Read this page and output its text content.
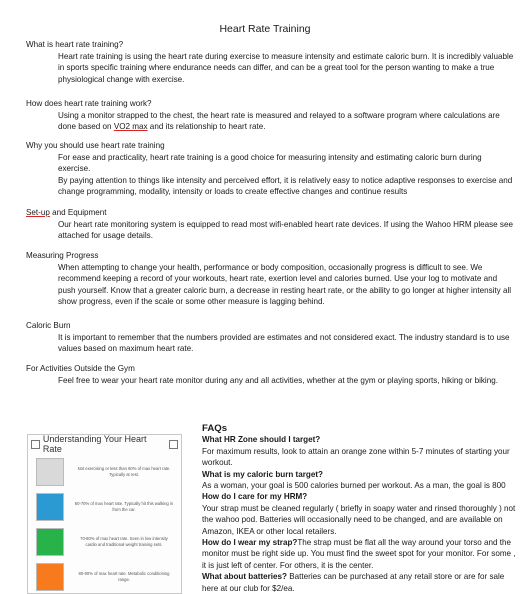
Heart Rate Training

What is heart rate training?

Heart rate training is using the heart rate during exercise to measure intensity and estimate caloric burn. It is incredibly valuable in sports specific training where endurance needs can differ, and can be a great tool for the person wanting to make a true physiological change with exercise.

How does heart rate training work?

Using a monitor strapped to the chest, the heart rate is measured and relayed to a software program where calculations are done based on VO2 max and its relationship to heart rate.

Why you should use heart rate training

For ease and practicality, heart rate training is a good choice for measuring intensity and estimating caloric burn during exercise.

By paying attention to things like intensity and perceived effort, it is relatively easy to notice adaptive responses to exercise and change programming, modality, intensity or loads to create effective changes and continue results

Set-up and Equipment

Our heart rate monitoring system is equipped to read most wifi-enabled heart rate devices. If using the Wahoo HRM please see attached for usage details.

Measuring Progress

When attempting to change your health, performance or body composition, occasionally progress is difficult to see. We recommend keeping a record of your workouts, heart rate, exertion level and calories burned. Use your log to motivate and push yourself. Know that a greater caloric burn, a decrease in resting heart rate, or the ability to go longer at higher intensity all show progress, even if the scale or some other measure is lagging behind.

Caloric Burn

It is important to remember that the numbers provided are estimates and not considered exact. The industry standard is to use values based on maximum heart rate.

For Activities Outside the Gym

Feel free to wear your heart rate monitor during any and all activities, whether at the gym or playing sports, hiking or biking.

Understanding Your Heart Rate
Not exercising or less than 60% of max heart rate. Typically at rest.
60-70% of max heart rate. Typically hit this walking in from the car.
70-80% of max heart rate. Seen in low intensity cardio and traditional weight training sets.
80-90% of max heart rate. Metabolic conditioning range.

FAQs

What HR Zone should I target?

For maximum results, look to attain an orange zone within 5-7 minutes of starting your workout.

What is my caloric burn target?

As a woman, your goal is 500 calories burned per workout. As a man, the goal is 800

How do I care for my HRM?

Your strap must be cleaned regularly ( briefly in soapy water and rinsed thoroughly ) not the wahoo pod. Batteries will occasionally need to be changed, and are available on Amazon, IKEA or other local retailers.

How do I wear my strap?The strap must be flat all the way around your torso and the monitor must be right side up. You must find the sweet spot for your monitor. For some , it is just left of center. For others, it is the center.

What about batteries? Batteries can be purchased at any retail store or are for sale here at our club for $2/ea.
